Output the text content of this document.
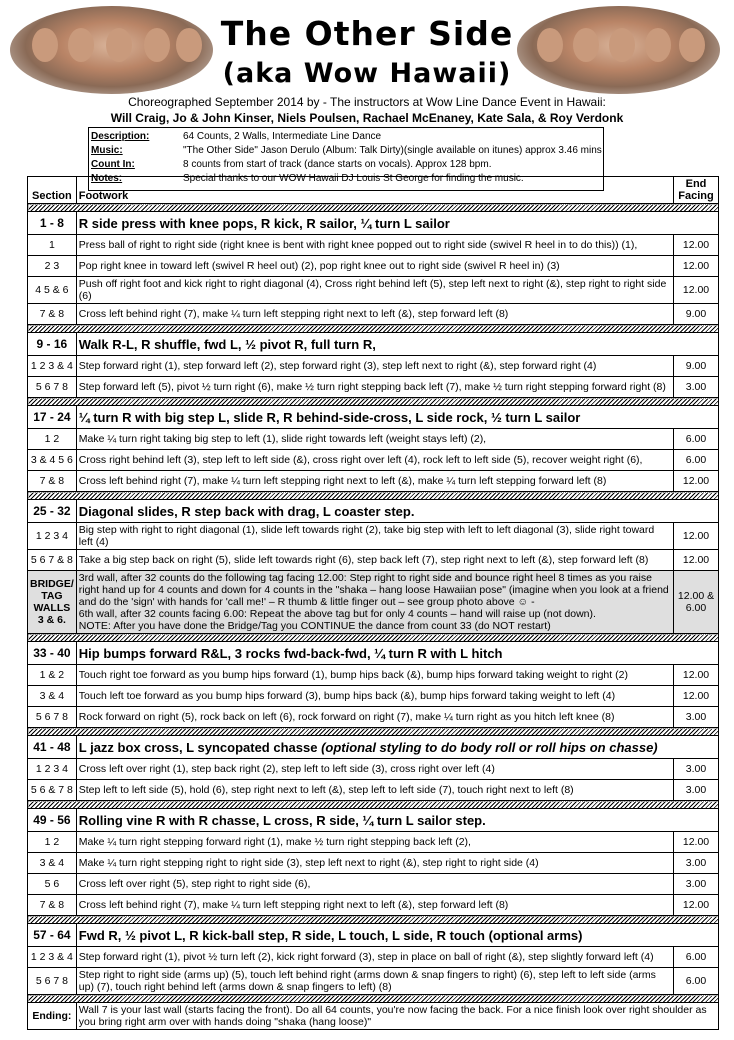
The Other Side
(aka Wow Hawaii)
Choreographed September 2014 by - The instructors at Wow Line Dance Event in Hawaii:
Will Craig, Jo & John Kinser, Niels Poulsen, Rachael McEnaney, Kate Sala, & Roy Verdonk
Description:	64 Counts, 2 Walls, Intermediate Line Dance
Music:	"The Other Side" Jason Derulo (Album: Talk Dirty)(single available on itunes) approx 3.46 mins
Count In:	8 counts from start of track (dance starts on vocals). Approx 128 bpm.
Notes:	Special thanks to our WOW Hawaii DJ Louis St George for finding the music.
Section	Footwork	End Facing

1 - 8	R side press with knee pops, R kick, R sailor, ¼ turn L sailor	
1	Press ball of right to right side (right knee is bent with right knee popped out to right side (swivel R heel in to do this)) (1),	12.00
2 3	Pop right knee in toward left (swivel R heel out) (2), pop right knee out to right side (swivel R heel in) (3)	12.00
4 5 & 6	Push off right foot and kick right to right diagonal (4), Cross right behind left (5), step left next to right (&), step right to right side (6)	12.00
7 & 8	Cross left behind right (7), make ¼ turn left stepping right next to left (&), step forward left (8)	9.00

9 - 16	Walk R-L, R shuffle, fwd L, ½ pivot R, full turn R,	
1 2 3 & 4	Step forward right (1), step forward left (2), step forward right (3), step left next to right (&), step forward right (4)	9.00
5 6 7 8	Step forward left (5), pivot ½ turn right (6), make ½ turn right stepping back left (7), make ½ turn right stepping forward right (8)	3.00

17 - 24	¼ turn R with big step L, slide R, R behind-side-cross, L side rock, ½ turn L sailor	
1 2	Make ¼ turn right taking big step to left (1), slide right towards left (weight stays left) (2),	6.00
3 & 4 5 6	Cross right behind left (3), step left to left side (&), cross right over left (4), rock left to left side (5), recover weight right (6),	6.00
7 & 8	Cross left behind right (7), make ¼ turn left stepping right next to left (&), make ¼ turn left stepping forward left (8)	12.00

25 - 32	Diagonal slides, R step back with drag, L coaster step.	
1 2 3 4	Big step with right to right diagonal (1), slide left towards right (2), take big step with left to left diagonal (3), slide right toward left (4)	12.00
5 6 7 & 8	Take a big step back on right (5), slide left towards right (6), step back left (7), step right next to left (&), step forward left (8)	12.00
BRIDGE/ TAG WALLS 3 & 6.	3rd wall, after 32 counts do the following tag facing 12.00: Step right to right side and bounce right heel 8 times as you raise right hand up for 4 counts and down for 4 counts in the "shaka – hang loose Hawaiian pose" (imagine when you look at a friend and do the 'sign' with hands for 'call me!' – R thumb & little finger out – see group photo above ☺ -
6th wall, after 32 counts facing 6.00: Repeat the above tag but for only 4 counts – hand will raise up (not down).
NOTE: After you have done the Bridge/Tag you CONTINUE the dance from count 33 (do NOT restart)	12.00 & 6.00

33 - 40	Hip bumps forward R&L, 3 rocks fwd-back-fwd, ¼ turn R with L hitch	
1 & 2	Touch right toe forward as you bump hips forward (1), bump hips back (&), bump hips forward taking weight to right (2)	12.00
3 & 4	Touch left toe forward as you bump hips forward (3), bump hips back (&), bump hips forward taking weight to left (4)	12.00
5 6 7 8	Rock forward on right (5), rock back on left (6), rock forward on right (7), make ¼ turn right as you hitch left knee (8)	3.00

41 - 48	L jazz box cross, L syncopated chasse (optional styling to do body roll or roll hips on chasse)	
1 2 3 4	Cross left over right (1), step back right (2), step left to left side (3), cross right over left (4)	3.00
5 6 & 7 8	Step left to left side (5), hold (6), step right next to left (&), step left to left side (7), touch right next to left (8)	3.00

49 - 56	Rolling vine R with R chasse, L cross, R side, ¼ turn L sailor step.	
1 2	Make ¼ turn right stepping forward right (1), make ½ turn right stepping back left (2),	12.00
3 & 4	Make ¼ turn right stepping right to right side (3), step left next to right (&), step right to right side (4)	3.00
5 6	Cross left over right (5), step right to right side (6),	3.00
7 & 8	Cross left behind right (7), make ¼ turn left stepping right next to left (&), step forward left (8)	12.00

57 - 64	Fwd R, ½ pivot L, R kick-ball step, R side, L touch, L side, R touch (optional arms)	
1 2 3 & 4	Step forward right (1), pivot ½ turn left (2), kick right forward (3), step in place on ball of right (&), step slightly forward left (4)	6.00
5 6 7 8	Step right to right side (arms up) (5), touch left behind right (arms down & snap fingers to right) (6), step left to left side (arms up) (7), touch right behind left (arms down & snap fingers to left) (8)	6.00

Ending:	Wall 7 is your last wall (starts facing the front). Do all 64 counts, you're now facing the back. For a nice finish look over right shoulder as you bring right arm over with hands doing "shaka (hang loose)"	
